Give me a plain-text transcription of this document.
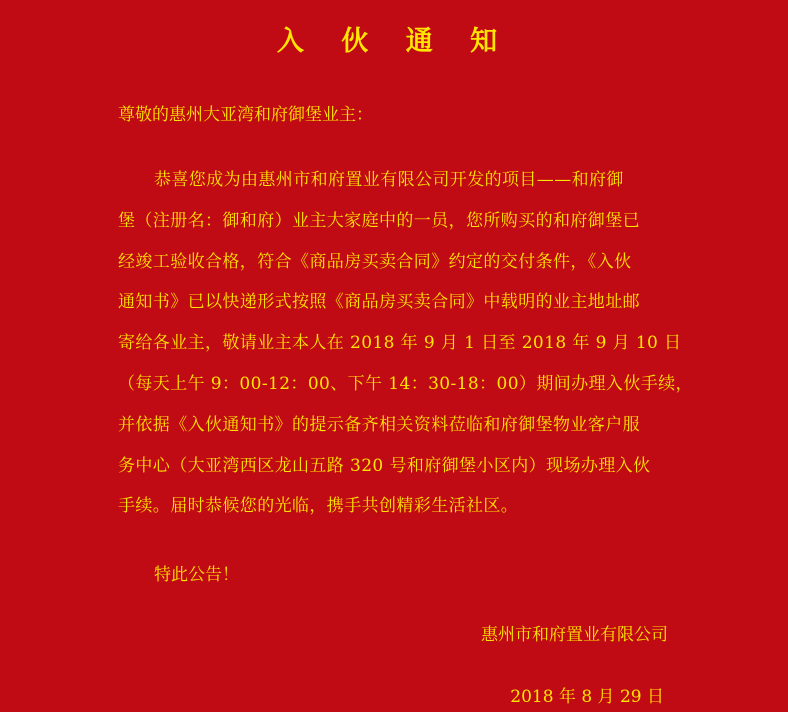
入 伙 通 知
尊敬的惠州大亚湾和府御堡业主：
恭喜您成为由惠州市和府置业有限公司开发的项目——和府御
堡（注册名：御和府）业主大家庭中的一员，您所购买的和府御堡已
经竣工验收合格，符合《商品房买卖合同》约定的交付条件，《入伙
通知书》已以快递形式按照《商品房买卖合同》中载明的业主地址邮
寄给各业主，敬请业主本人在 2018 年 9 月 1 日至 2018 年 9 月 10 日
（每天上午 9：00-12：00、下午 14：30-18：00）期间办理入伙手续，
并依据《入伙通知书》的提示备齐相关资料莅临和府御堡物业客户服
务中心（大亚湾西区龙山五路 320 号和府御堡小区内）现场办理入伙
手续。届时恭候您的光临，携手共创精彩生活社区。
特此公告！
惠州市和府置业有限公司
2018 年 8 月 29 日
